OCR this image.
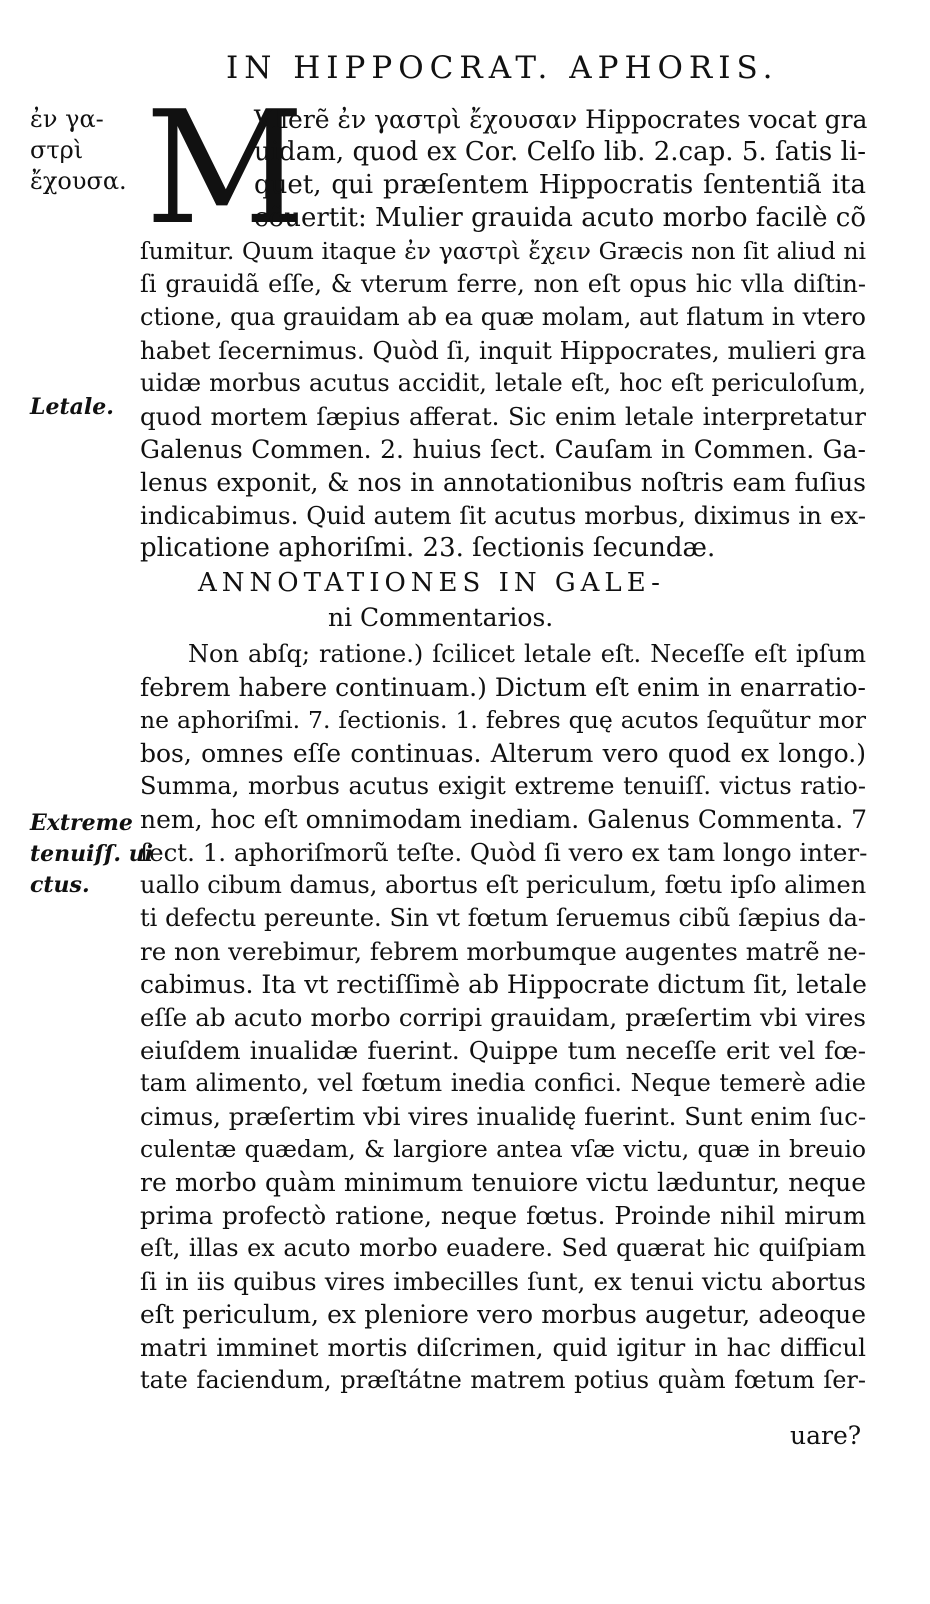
IN HIPPOCRAT. APHORIS.
ἐν γα-
στρὶ
ἔχουσα.
Letale.
Extreme
tenuiſſ. ui
ctus.
M
Vlierẽ ἐν γαστρὶ ἔχουσαν Hippocrates vocat gra
uidam, quod ex Cor. Celſo lib. 2.cap. 5. ſatis li-
quet, qui præſentem Hippocratis ſententiã ita
cõuertit: Mulier grauida acuto morbo facilè cõ
ſumitur. Quum itaque ἐν γαστρὶ ἔχειν Græcis non ſit aliud ni
ſi grauidã eſſe, & vterum ferre, non eſt opus hic vlla diſtin-
ctione, qua grauidam ab ea quæ molam, aut flatum in vtero
habet ſecernimus. Quòd ſi, inquit Hippocrates, mulieri gra
uidæ morbus acutus accidit, letale eſt, hoc eſt periculoſum,
quod mortem ſæpius afferat. Sic enim letale interpretatur
Galenus Commen. 2. huius ſect. Cauſam in Commen. Ga-
lenus exponit, & nos in annotationibus noſtris eam fuſius
indicabimus. Quid autem ſit acutus morbus, diximus in ex-
plicatione aphoriſmi. 23. ſectionis ſecundæ.
ANNOTATIONES IN GALE-
ni Commentarios.
Non abſq; ratione.) ſcilicet letale eſt. Neceſſe eſt ipſum
febrem habere continuam.) Dictum eſt enim in enarratio-
ne aphoriſmi. 7. ſectionis. 1. febres quę acutos ſequũtur mor
bos, omnes eſſe continuas. Alterum vero quod ex longo.)
Summa, morbus acutus exigit extreme tenuiſſ. victus ratio-
nem, hoc eſt omnimodam inediam. Galenus Commenta. 7
ſect. 1. aphoriſmorũ teſte. Quòd ſi vero ex tam longo inter-
uallo cibum damus, abortus eſt periculum, fœtu ipſo alimen
ti defectu pereunte. Sin vt fœtum ſeruemus cibũ ſæpius da-
re non verebimur, febrem morbumque augentes matrẽ ne-
cabimus. Ita vt rectiſſimè ab Hippocrate dictum ſit, letale
eſſe ab acuto morbo corripi grauidam, præſertim vbi vires
eiuſdem inualidæ fuerint. Quippe tum neceſſe erit vel fœ-
tam alimento, vel fœtum inedia confici. Neque temerè adie
cimus, præſertim vbi vires inualidę fuerint. Sunt enim ſuc-
culentæ quædam, & largiore antea vſæ victu, quæ in breuio
re morbo quàm minimum tenuiore victu læduntur, neque
prima profectò ratione, neque fœtus. Proinde nihil mirum
eſt, illas ex acuto morbo euadere. Sed quærat hic quiſpiam
ſi in iis quibus vires imbecilles ſunt, ex tenui victu abortus
eſt periculum, ex pleniore vero morbus augetur, adeoque
matri imminet mortis diſcrimen, quid igitur in hac difficul
tate faciendum, præſtátne matrem potius quàm fœtum ſer-
uare?
